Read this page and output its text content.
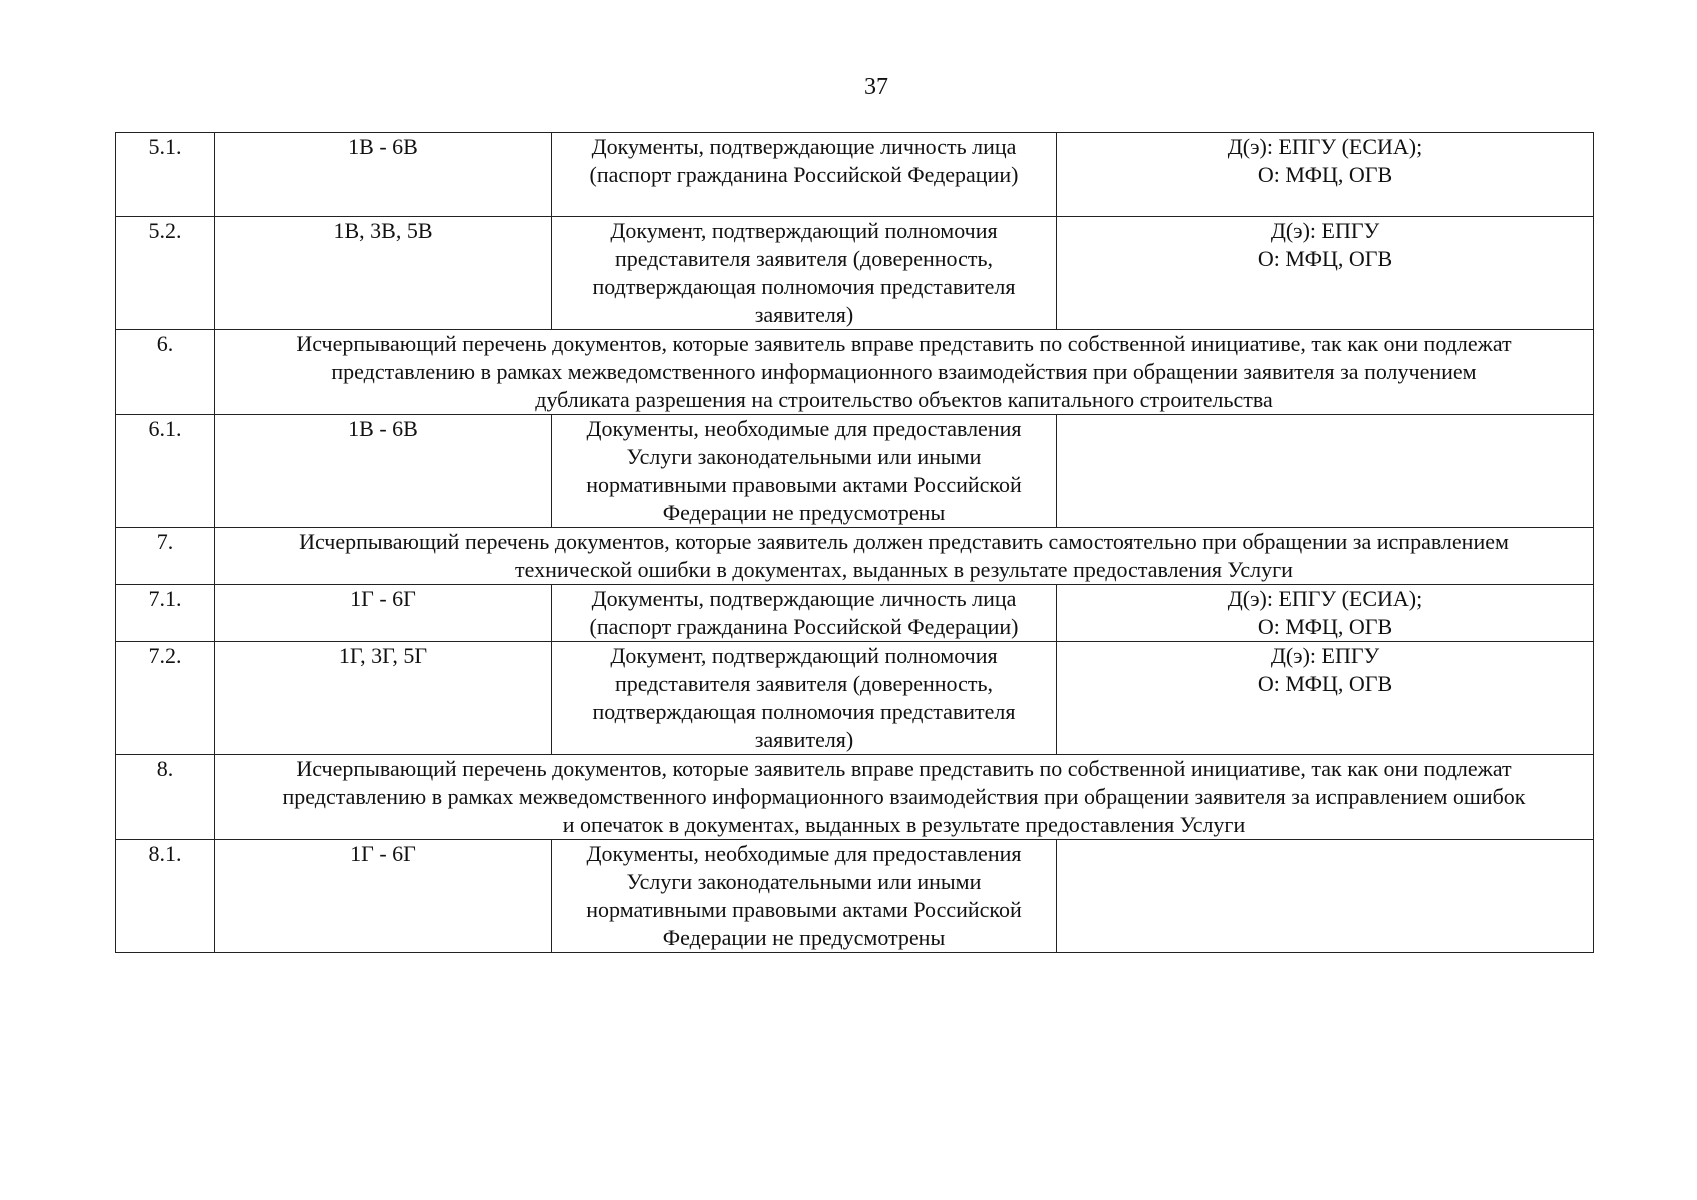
37
5.1.	1В - 6В	Документы, подтверждающие личность лица
(паспорт гражданина Российской Федерации)	Д(э): ЕПГУ (ЕСИА);
О: МФЦ, ОГВ
5.2.	1В, 3В, 5В	Документ, подтверждающий полномочия
представителя заявителя (доверенность,
подтверждающая полномочия представителя
заявителя)	Д(э): ЕПГУ
О: МФЦ, ОГВ
6.	Исчерпывающий перечень документов, которые заявитель вправе представить по собственной инициативе, так как они подлежат
представлению в рамках межведомственного информационного взаимодействия при обращении заявителя за получением
дубликата разрешения на строительство объектов капитального строительства		
6.1.	1В - 6В	Документы, необходимые для предоставления
Услуги законодательными или иными
нормативными правовыми актами Российской
Федерации не предусмотрены	
7.	Исчерпывающий перечень документов, которые заявитель должен представить самостоятельно при обращении за исправлением
технической ошибки в документах, выданных в результате предоставления Услуги		
7.1.	1Г - 6Г	Документы, подтверждающие личность лица
(паспорт гражданина Российской Федерации)	Д(э): ЕПГУ (ЕСИА);
О: МФЦ, ОГВ
7.2.	1Г, 3Г, 5Г	Документ, подтверждающий полномочия
представителя заявителя (доверенность,
подтверждающая полномочия представителя
заявителя)	Д(э): ЕПГУ
О: МФЦ, ОГВ
8.	Исчерпывающий перечень документов, которые заявитель вправе представить по собственной инициативе, так как они подлежат
представлению в рамках межведомственного информационного взаимодействия при обращении заявителя за исправлением ошибок
и опечаток в документах, выданных в результате предоставления Услуги		
8.1.	1Г - 6Г	Документы, необходимые для предоставления
Услуги законодательными или иными
нормативными правовыми актами Российской
Федерации не предусмотрены	
